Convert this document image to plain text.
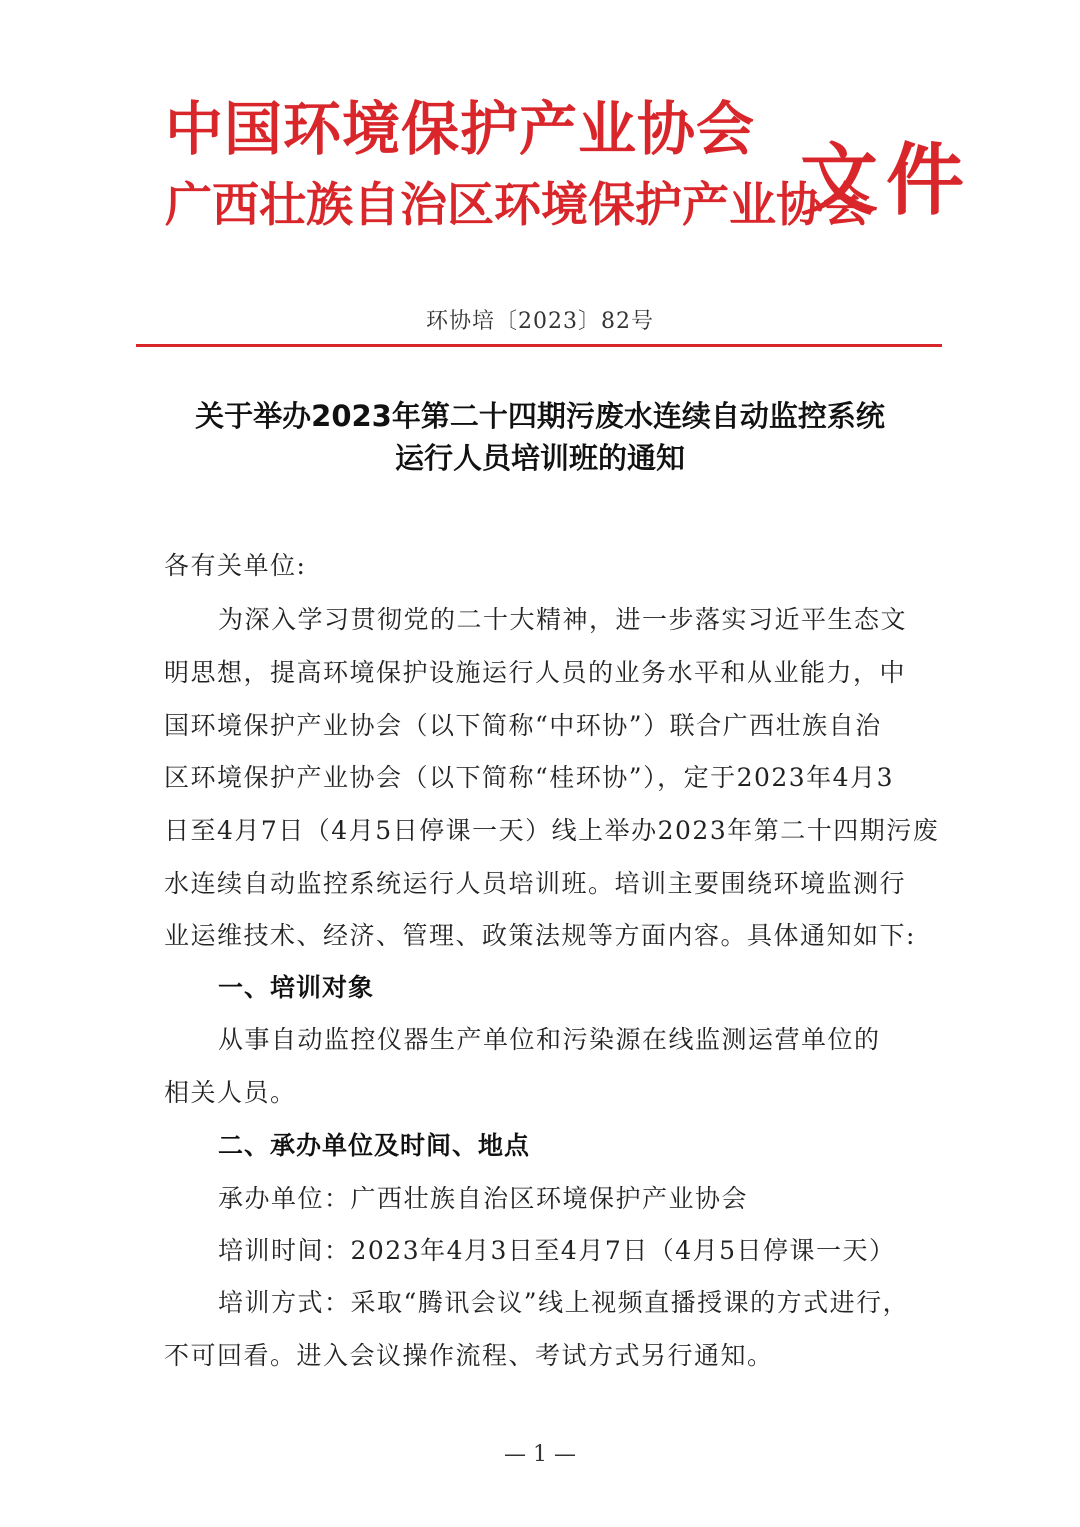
中国环境保护产业协会
广西壮族自治区环境保护产业协会
文件
环协培〔2023〕82号
关于举办2023年第二十四期污废水连续自动监控系统
运行人员培训班的通知
各有关单位:
为深入学习贯彻党的二十大精神，进一步落实习近平生态文
明思想，提高环境保护设施运行人员的业务水平和从业能力，中
国环境保护产业协会（以下简称“中环协”）联合广西壮族自治
区环境保护产业协会（以下简称“桂环协”），定于2023年4月3
日至4月7日（4月5日停课一天）线上举办2023年第二十四期污废
水连续自动监控系统运行人员培训班。培训主要围绕环境监测行
业运维技术、经济、管理、政策法规等方面内容。具体通知如下:
一、培训对象
从事自动监控仪器生产单位和污染源在线监测运营单位的
相关人员。
二、承办单位及时间、地点
承办单位：广西壮族自治区环境保护产业协会
培训时间：2023年4月3日至4月7日（4月5日停课一天）
培训方式：采取“腾讯会议”线上视频直播授课的方式进行，
不可回看。进入会议操作流程、考试方式另行通知。
— 1 —
